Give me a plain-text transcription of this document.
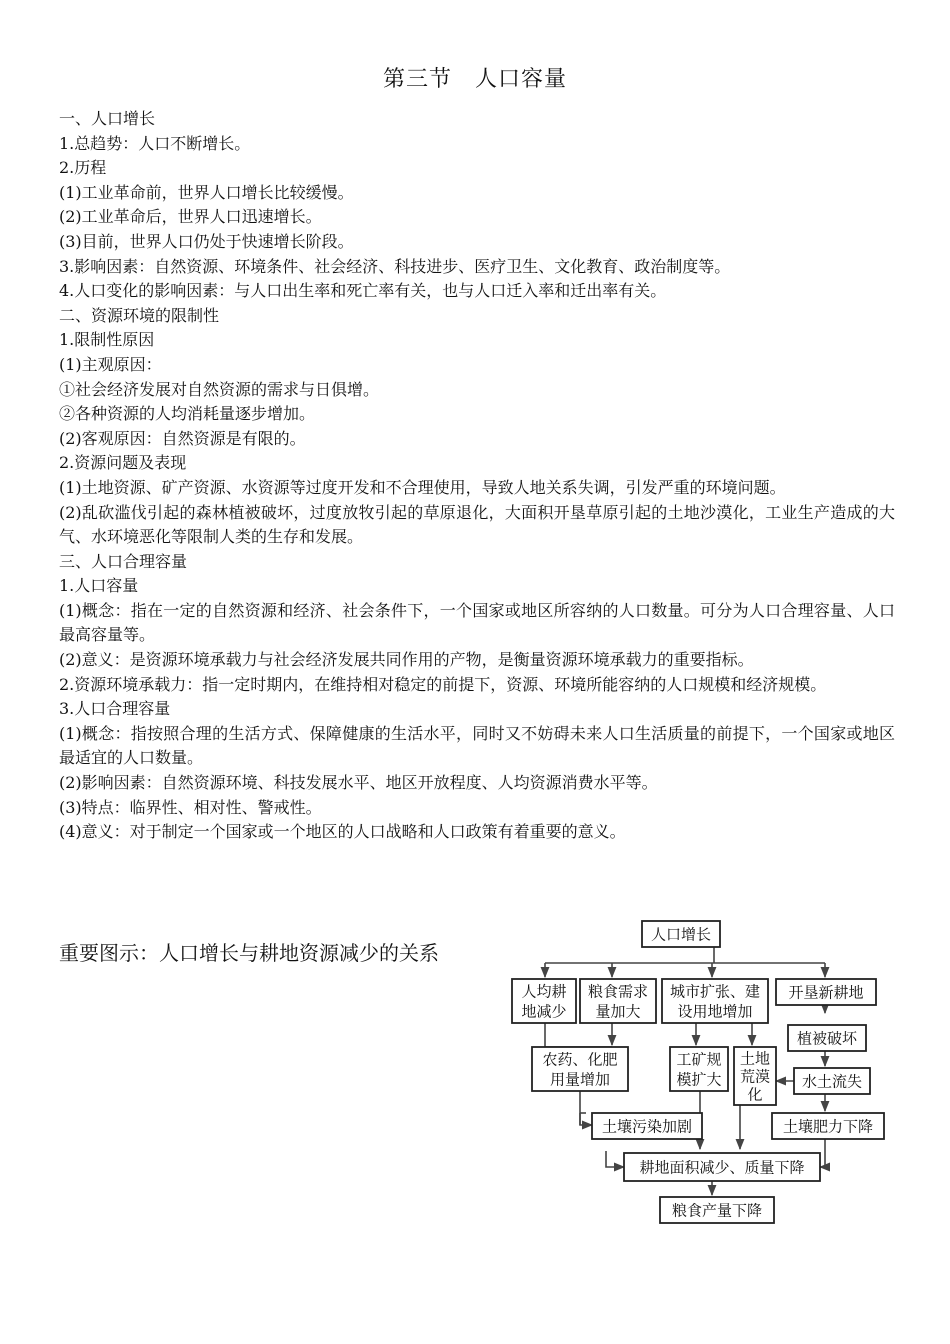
第三节　人口容量

一、人口增长

1.总趋势：人口不断增长。

2.历程

(1)工业革命前，世界人口增长比较缓慢。

(2)工业革命后，世界人口迅速增长。

(3)目前，世界人口仍处于快速增长阶段。

3.影响因素：自然资源、环境条件、社会经济、科技进步、医疗卫生、文化教育、政治制度等。

4.人口变化的影响因素：与人口出生率和死亡率有关，也与人口迁入率和迁出率有关。

二、资源环境的限制性

1.限制性原因

(1)主观原因：

①社会经济发展对自然资源的需求与日俱增。

②各种资源的人均消耗量逐步增加。

(2)客观原因：自然资源是有限的。

2.资源问题及表现

(1)土地资源、矿产资源、水资源等过度开发和不合理使用，导致人地关系失调，引发严重的环境问题。

(2)乱砍滥伐引起的森林植被破坏，过度放牧引起的草原退化，大面积开垦草原引起的土地沙漠化，工业生产造成的大气、水环境恶化等限制人类的生存和发展。

三、人口合理容量

1.人口容量

(1)概念：指在一定的自然资源和经济、社会条件下，一个国家或地区所容纳的人口数量。可分为人口合理容量、人口最高容量等。

(2)意义：是资源环境承载力与社会经济发展共同作用的产物，是衡量资源环境承载力的重要指标。

2.资源环境承载力：指一定时期内，在维持相对稳定的前提下，资源、环境所能容纳的人口规模和经济规模。

3.人口合理容量

(1)概念：指按照合理的生活方式、保障健康的生活水平，同时又不妨碍未来人口生活质量的前提下，一个国家或地区最适宜的人口数量。

(2)影响因素：自然资源环境、科技发展水平、地区开放程度、人均资源消费水平等。

(3)特点：临界性、相对性、警戒性。

(4)意义：对于制定一个国家或一个地区的人口战略和人口政策有着重要的意义。

重要图示：人口增长与耕地资源减少的关系
人口增长
人均耕
地减少
粮食需求
量加大
城市扩张、建
设用地增加
开垦新耕地
农药、化肥
用量增加
工矿规
模扩大
土地
荒漠
化
植被破坏
水土流失
土壤污染加剧	土壤肥力下降
耕地面积减少、质量下降
粮食产量下降
